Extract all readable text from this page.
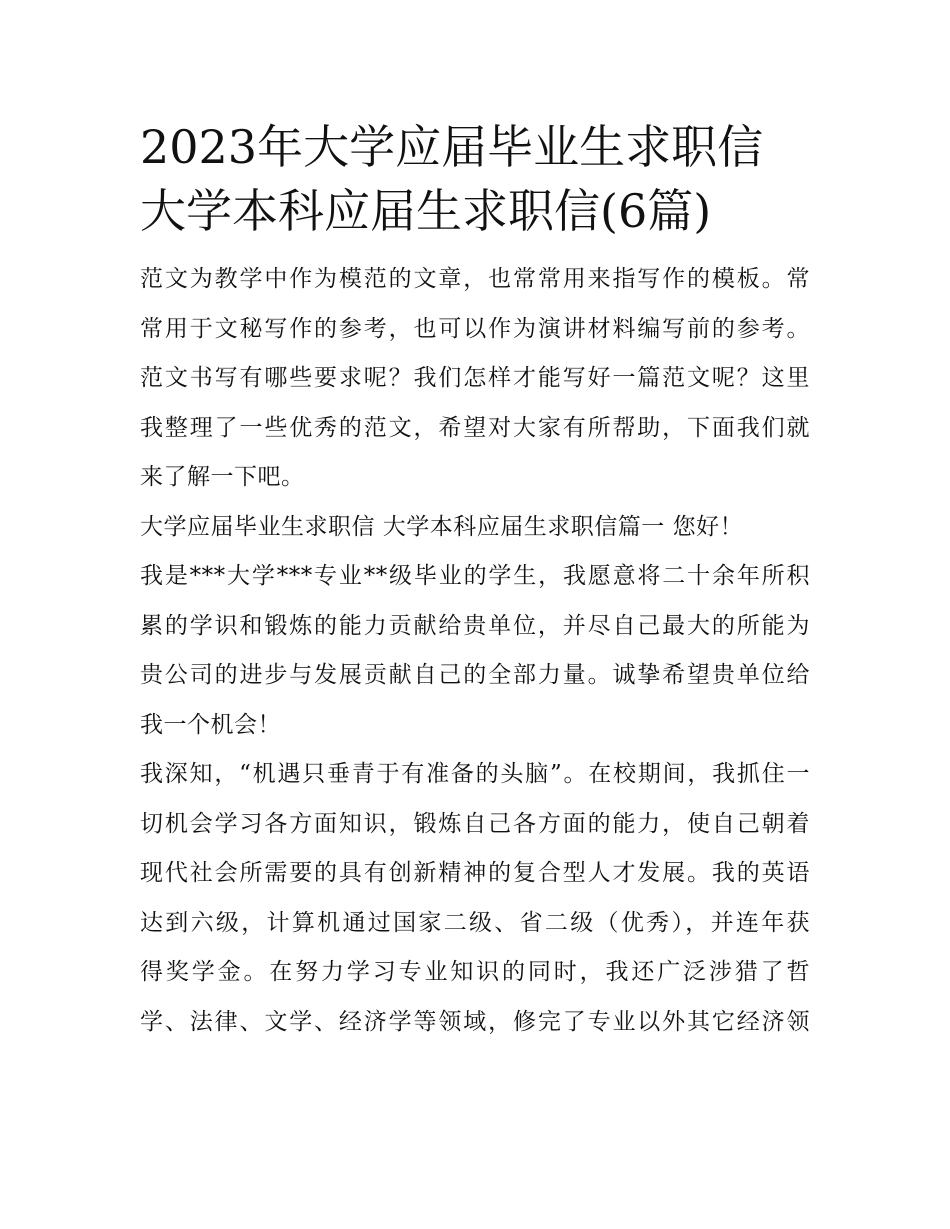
2023年大学应届毕业生求职信
大学本科应届生求职信(6篇)
范文为教学中作为模范的文章，也常常用来指写作的模板。常
常用于文秘写作的参考，也可以作为演讲材料编写前的参考。
范文书写有哪些要求呢？我们怎样才能写好一篇范文呢？这里
我整理了一些优秀的范文，希望对大家有所帮助，下面我们就
来了解一下吧。
大学应届毕业生求职信 大学本科应届生求职信篇一 您好！
我是***大学***专业**级毕业的学生，我愿意将二十余年所积
累的学识和锻炼的能力贡献给贵单位，并尽自己最大的所能为
贵公司的进步与发展贡献自己的全部力量。诚挚希望贵单位给
我一个机会！
我深知，“机遇只垂青于有准备的头脑”。在校期间，我抓住一
切机会学习各方面知识，锻炼自己各方面的能力，使自己朝着
现代社会所需要的具有创新精神的复合型人才发展。我的英语
达到六级，计算机通过国家二级、省二级（优秀），并连年获
得奖学金。在努力学习专业知识的同时，我还广泛涉猎了哲
学、法律、文学、经济学等领域，修完了专业以外其它经济领
